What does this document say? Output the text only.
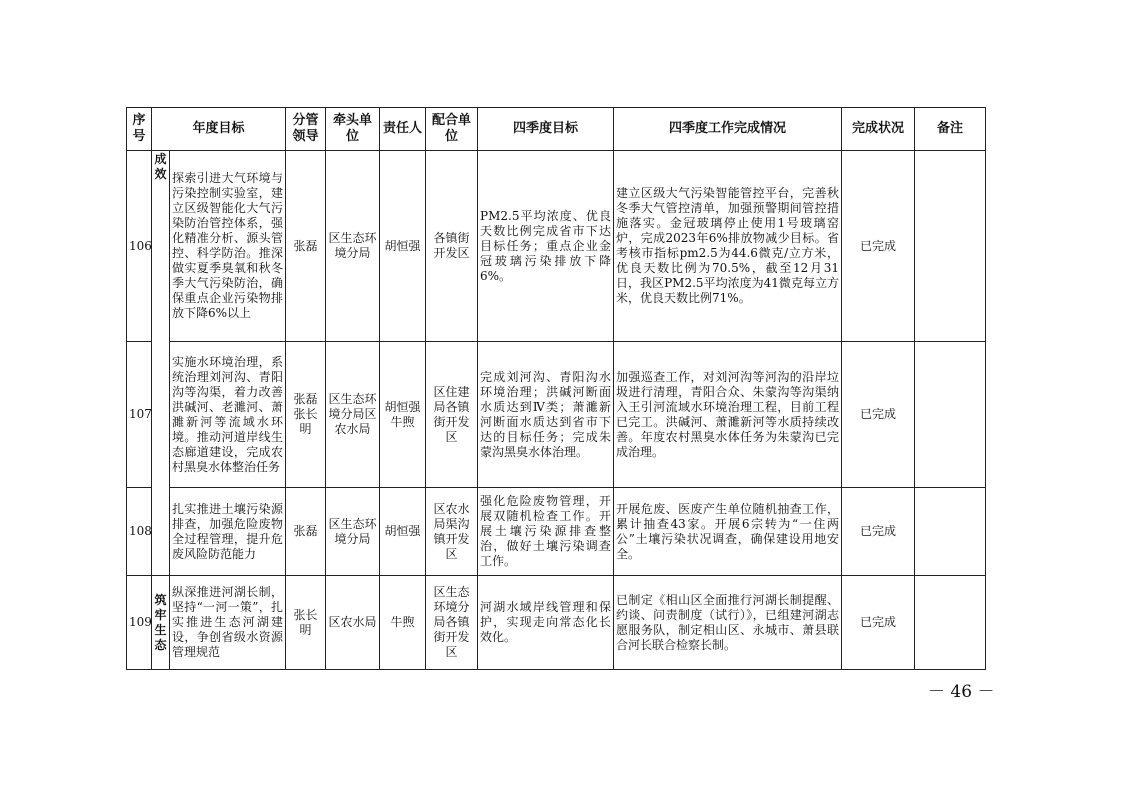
序号	年度目标		分管领导	牵头单位	责任人	配合单位	四季度目标	四季度工作完成情况	完成状况	备注
106	成效	探索引进大气环境与污染控制实验室，建立区级智能化大气污染防治管控体系，强化精准分析、源头管控、科学防治。推深做实夏季臭氧和秋冬季大气污染防治，确保重点企业污染物排放下降6%以上	张磊	区生态环境分局	胡恒强	各镇街开发区	PM2.5平均浓度、优良天数比例完成省市下达目标任务；重点企业金冠玻璃污染排放下降6%。	建立区级大气污染智能管控平台，完善秋冬季大气管控清单，加强预警期间管控措施落实。金冠玻璃停止使用1号玻璃窑炉，完成2023年6%排放物减少目标。省考核市指标pm2.5为44.6微克/立方米，优良天数比例为70.5%，截至12月31日，我区PM2.5平均浓度为41微克每立方米，优良天数比例71%。	已完成	
107		实施水环境治理，系统治理刘河沟、青阳沟等沟渠，着力改善洪碱河、老濉河、萧濉新河等流域水环境。推动河道岸线生态廊道建设，完成农村黑臭水体整治任务	张磊张长明	区生态环境分局区农水局	胡恒强牛煦	区住建局各镇街开发区	完成刘河沟、青阳沟水环境治理；洪碱河断面水质达到Ⅳ类；萧濉新河断面水质达到省市下达的目标任务；完成朱蒙沟黑臭水体治理。	加强巡查工作，对刘河沟等河沟的沿岸垃圾进行清理，青阳合众、朱蒙沟等沟渠纳入王引河流域水环境治理工程，目前工程已完工。洪碱河、萧濉新河等水质持续改善。年度农村黑臭水体任务为朱蒙沟已完成治理。	已完成	
108		扎实推进土壤污染源排查，加强危险废物全过程管理，提升危废风险防范能力	张磊	区生态环境分局	胡恒强	区农水局渠沟镇开发区	强化危险废物管理，开展双随机检查工作。开展土壤污染源排查整治，做好土壤污染调查工作。	开展危废、医废产生单位随机抽查工作，累计抽查43家。开展6宗转为“一住两公”土壤污染状况调查，确保建设用地安全。	已完成	
109	筑牢生态	纵深推进河湖长制，坚持“一河一策”，扎实推进生态河湖建设，争创省级水资源管理规范	张长明	区农水局	牛煦	区生态环境分局各镇街开发区	河湖水域岸线管理和保护，实现走向常态化长效化。	已制定《相山区全面推行河湖长制提醒、约谈、问责制度（试行）》，已组建河湖志愿服务队，制定相山区、永城市、萧县联合河长联合检察长制。	已完成	
－ 46 －
